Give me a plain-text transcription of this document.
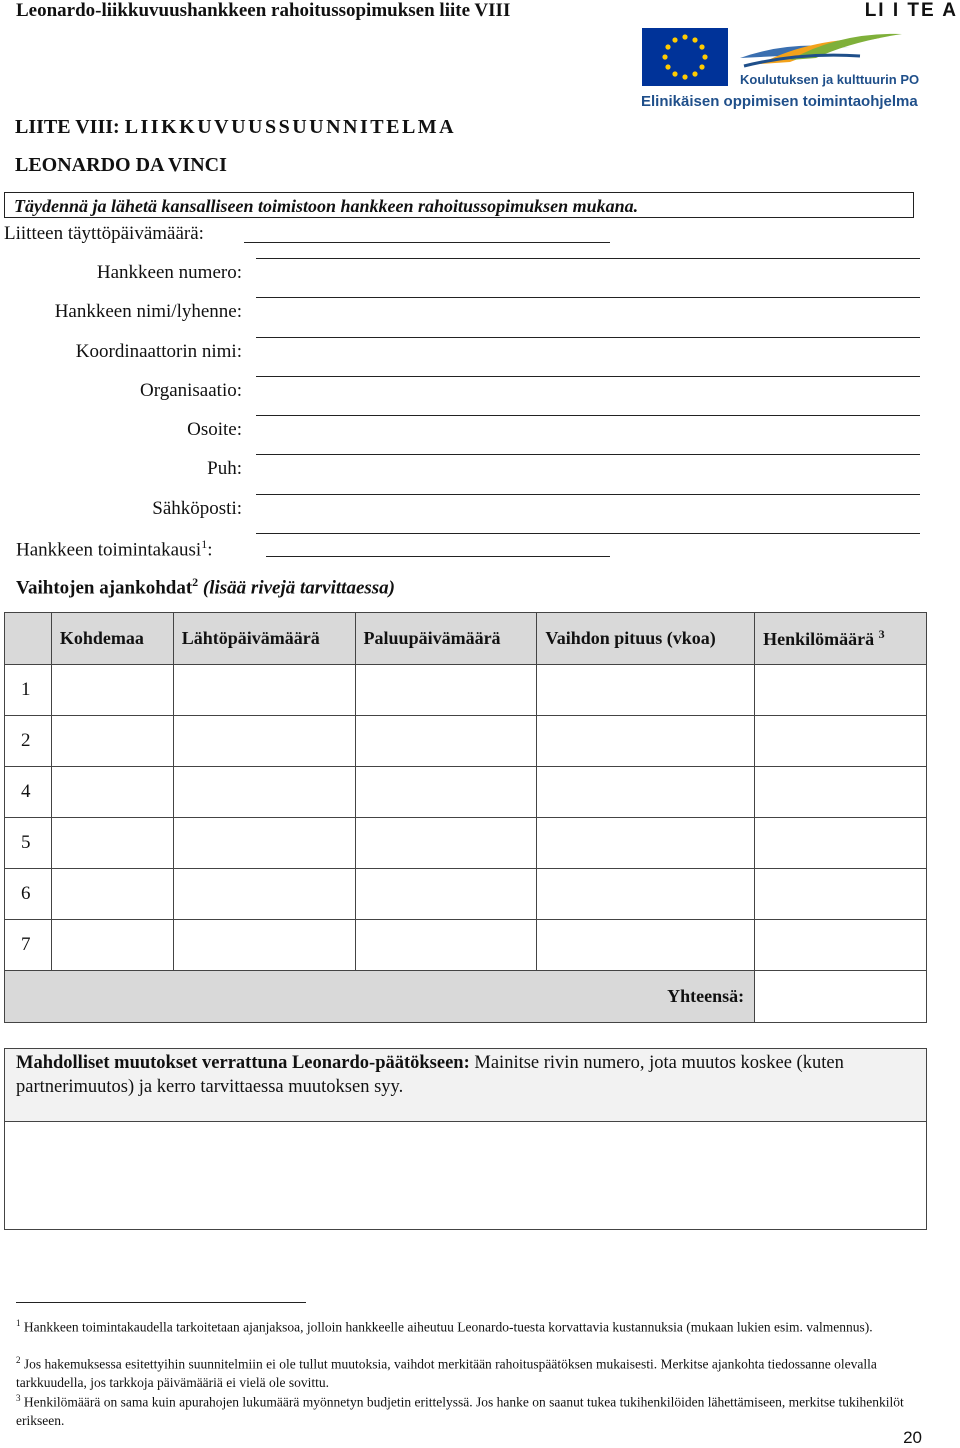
Leonardo-liikkuvuushankkeen rahoitussopimuksen liite VIII	LI I TE A
Koulutuksen ja kulttuurin PO
Elinikäisen oppimisen toimintaohjelma
LIITE VIII: LIIKKUVUUSSUUNNITELMA
LEONARDO DA VINCI
Täydennä ja lähetä kansalliseen toimistoon hankkeen rahoitussopimuksen mukana.
Liitteen täyttöpäivämäärä:
Hankkeen numero:
Hankkeen nimi/lyhenne:
Koordinaattorin nimi:
Organisaatio:
Osoite:
Puh:
Sähköposti:
Hankkeen toimintakausi$^1$:
Vaihtojen ajankohdat$^2$ (lisää rivejä tarvittaessa)
	Kohdemaa	Lähtöpäivämäärä	Paluupäivämäärä	Vaihdon pituus (vkoa)	Henkilömäärä $^3$
1					
2					
4					
5					
6					
7					
Yhteensä:					
Mahdolliset muutokset verrattuna Leonardo-päätökseen: Mainitse rivin numero, jota muutos koskee (kuten partnerimuutos) ja kerro tarvittaessa muutoksen syy.
$^1$ Hankkeen toimintakaudella tarkoitetaan ajanjaksoa, jolloin hankkeelle aiheutuu Leonardo-tuesta korvattavia kustannuksia (mukaan lukien esim. valmennus).
$^2$ Jos hakemuksessa esitettyihin suunnitelmiin ei ole tullut muutoksia, vaihdot merkitään rahoituspäätöksen mukaisesti. Merkitse ajankohta tiedossanne olevalla tarkkuudella, jos tarkkoja päivämääriä ei vielä ole sovittu.
$^3$ Henkilömäärä on sama kuin apurahojen lukumäärä myönnetyn budjetin erittelyssä. Jos hanke on saanut tukea tukihenkilöiden lähettämiseen, merkitse tukihenkilöt erikseen.
20
